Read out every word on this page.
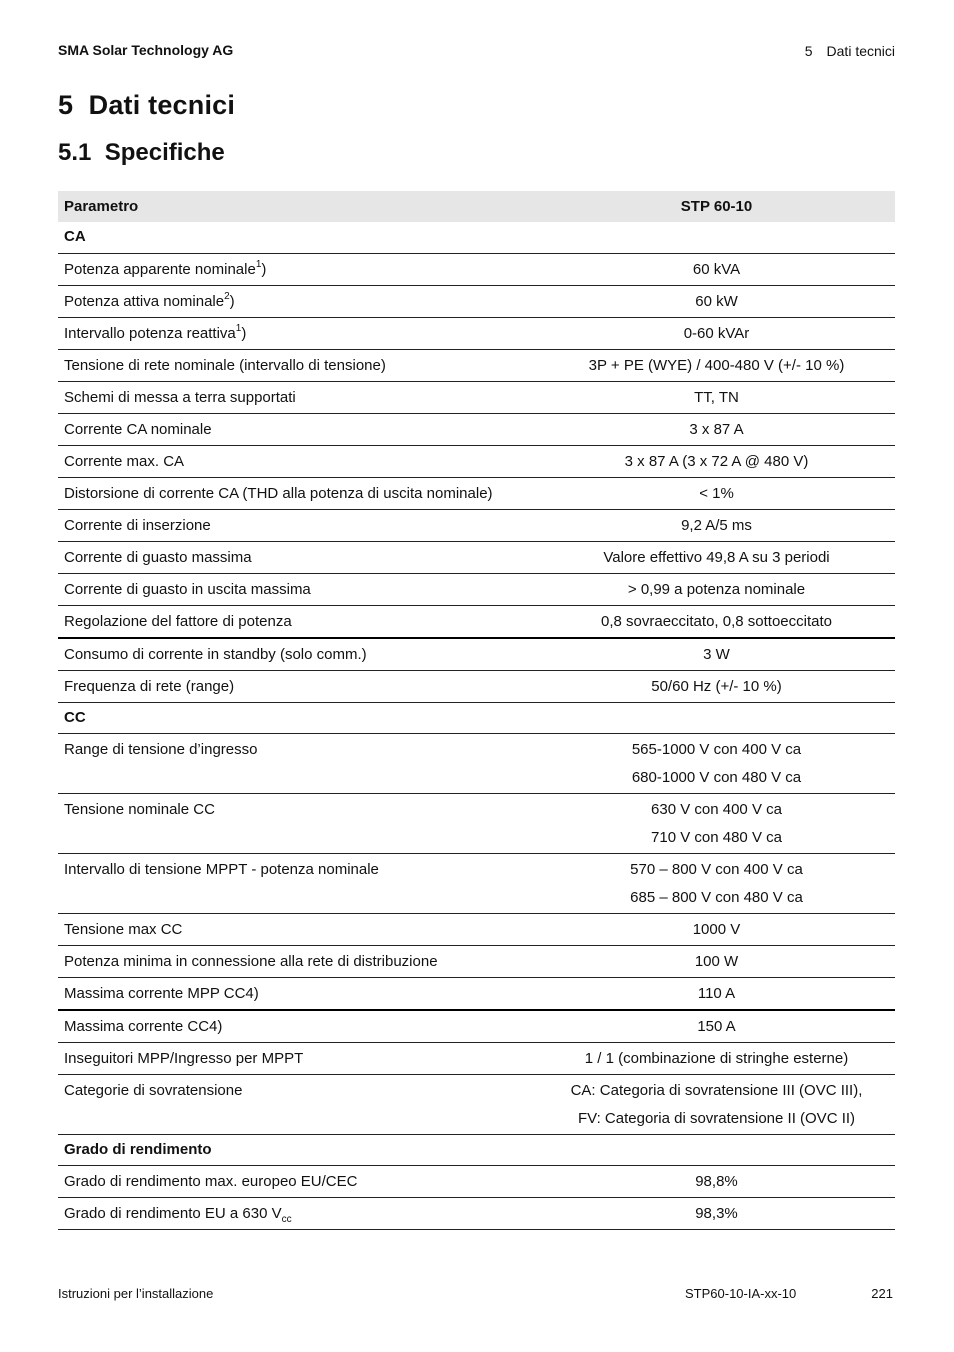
SMA Solar Technology AG	5 Dati tecnici
5  Dati tecnici
5.1  Specifiche
Parametro	STP 60-10
CA	
Potenza apparente nominale$^1$)	60 kVA
Potenza attiva nominale$^2$)	60 kW
Intervallo potenza reattiva$^1$)	0-60 kVAr
Tensione di rete nominale (intervallo di tensione)	3P + PE (WYE) / 400-480 V (+/- 10 %)
Schemi di messa a terra supportati	TT, TN
Corrente CA nominale	3 x 87 A
Corrente max. CA	3 x 87 A (3 x 72 A @ 480 V)
Distorsione di corrente CA (THD alla potenza di uscita nominale)	< 1%
Corrente di inserzione	9,2 A/5 ms
Corrente di guasto massima	Valore effettivo 49,8 A su 3 periodi
Corrente di guasto in uscita massima	> 0,99 a potenza nominale
Regolazione del fattore di potenza	0,8 sovraeccitato, 0,8 sottoeccitato
Consumo di corrente in standby (solo comm.)	3 W
Frequenza di rete (range)	50/60 Hz (+/- 10 %)
CC	
Range di tensione d’ingresso	565-1000 V con 400 V ca
680-1000 V con 480 V ca

Tensione nominale CC	630 V con 400 V ca
710 V con 480 V ca

Intervallo di tensione MPPT - potenza nominale	570 – 800 V con 400 V ca
685 – 800 V con 480 V ca

Tensione max CC	1000 V
Potenza minima in connessione alla rete di distribuzione	100 W
Massima corrente MPP CC4)	110 A
Massima corrente CC4)	150 A
Inseguitori MPP/Ingresso per MPPT	1 / 1 (combinazione di stringhe esterne)
Categorie di sovratensione	CA: Categoria di sovratensione III (OVC III),
FV: Categoria di sovratensione II (OVC II)

Grado di rendimento	
Grado di rendimento max. europeo EU/CEC	98,8%
Grado di rendimento EU a 630 $V_{cc}$	98,3%
Istruzioni per l’installazione	STP60-10-IA-xx-10	221
